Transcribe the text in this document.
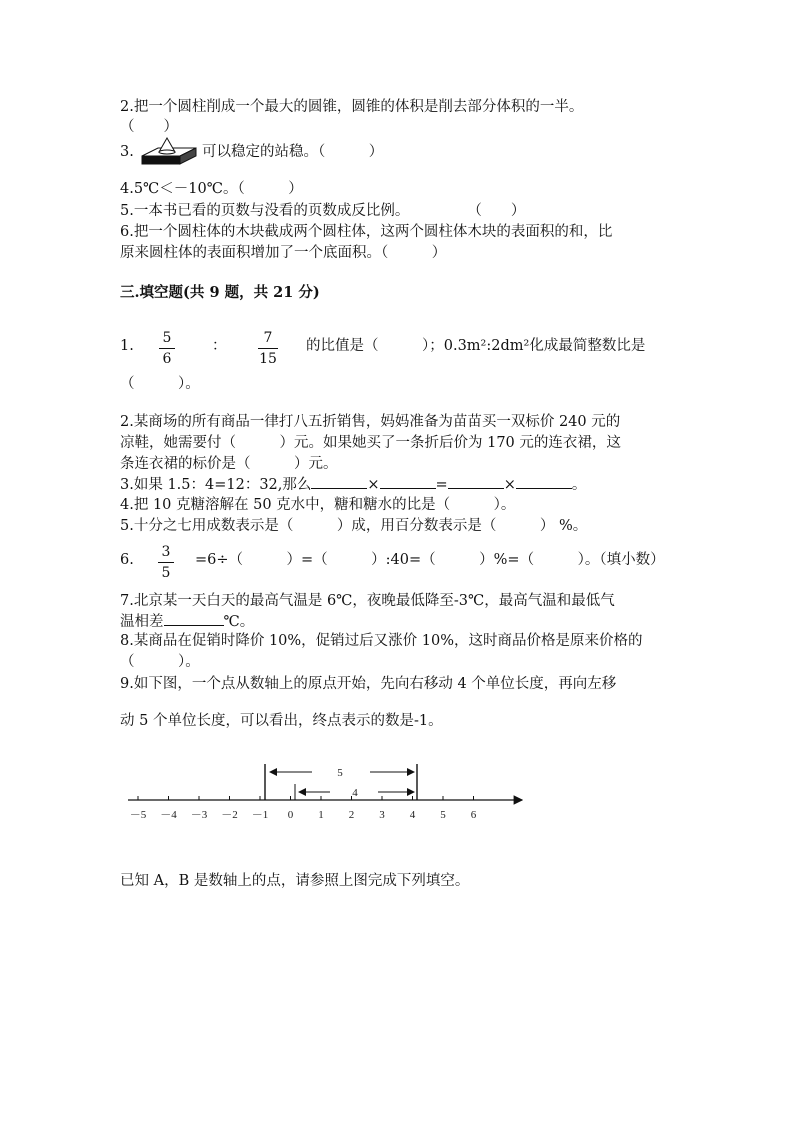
2.把一个圆柱削成一个最大的圆锥，圆锥的体积是削去部分体积的一半。
（　　）
3.	可以稳定的站稳。（　　　）
4.5℃＜－10℃。（　　　）
5.一本书已看的页数与没看的页数成反比例。　　　　　（　　）
6.把一个圆柱体的木块截成两个圆柱体，这两个圆柱体木块的表面积的和，比
原来圆柱体的表面积增加了一个底面积。（　　　）
三.填空题(共 9 题，共 21 分)
1. 5
6
：	7
15
的比值是（　　　）；0.3m²:2dm²化成最简整数比是
（　　　）。
2.某商场的所有商品一律打八五折销售，妈妈准备为苗苗买一双标价 240 元的
凉鞋，她需要付（　　　）元。如果她买了一条折后价为 170 元的连衣裙，这
条连衣裙的标价是（　　　）元。
3.如果 1.5：4=12：32,那么	×	=	×	。
4.把 10 克糖溶解在 50 克水中，糖和糖水的比是（　　　）。
5.十分之七用成数表示是（　　　）成，用百分数表示是（　　　） %。
6. 3
5
=6÷（　　　）=（　　　）:40=（　　　）%=（　　　）。（填小数）
7.北京某一天白天的最高气温是 6℃，夜晚最低降至-3℃，最高气温和最低气
温相差	℃。
8.某商品在促销时降价 10%，促销过后又涨价 10%，这时商品价格是原来价格的
（　　　）。
9.如下图，一个点从数轴上的原点开始，先向右移动 4 个单位长度，再向左移
动 5 个单位长度，可以看出，终点表示的数是-1。
－5 －4 －3 －2 －1 0 1 2 3 4 5 6
5
4
已知 A，B 是数轴上的点，请参照上图完成下列填空。
